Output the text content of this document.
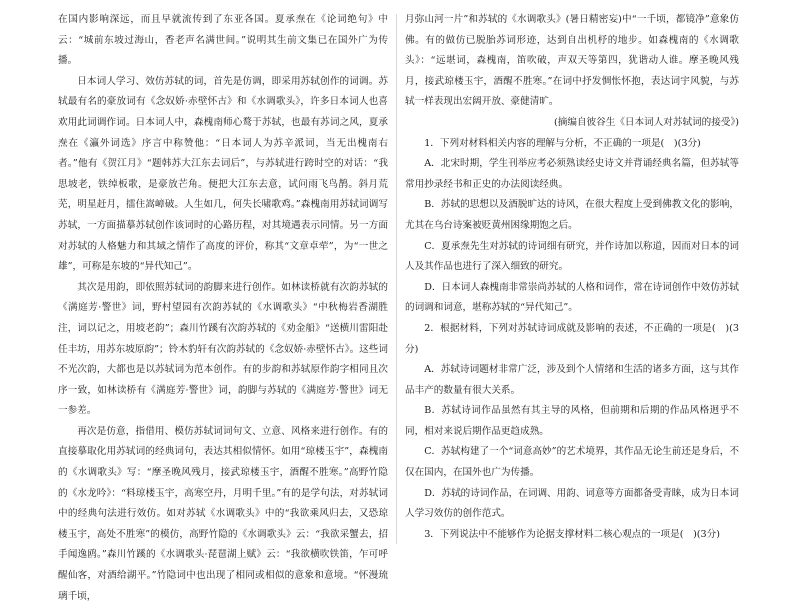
在国内影响深远，而且早就流传到了东亚各国。夏承焘在《论词绝句》中云：“城前东坡过海山，香老声名满世间。”说明其生前文集已在国外广为传播。

日本词人学习、效仿苏轼的词，首先是仿调，即采用苏轼创作的词调。苏轼最有名的豪放词有《念奴娇·赤壁怀古》和《水调歌头》，许多日本词人也喜欢用此词调作词。日本词人中，森槐南师心鹜于苏轼，也最有苏词之风，夏承焘在《瀛外词选》序言中称赞他：“日本词人为苏辛派词，当无出槐南右者。”他有《贺江月》“题韩苏大江东去词后”，与苏轼进行跨时空的对话：“我思坡老，铁绰板歌，是豪放芒角。便把大江东去意，试问雨飞鸟鹊。斜月荒芜，明星赶月，擂住嵩嶂破。人生如几，何失长啸歌鸡。”森槐南用苏轼词调写苏轼，一方面描摹苏轼创作该词时的心路历程，对其境遇表示同情。另一方面对苏轼的人格魅力和其域之情作了高度的评价，称其“文章卓荦”，为“一世之雄”，可称是东坡的“异代知己”。

其次是用韵，即依照苏轼词的韵脚来进行创作。如林读桥就有次韵苏轼的《满庭芳·警世》词，野村望园有次韵苏轼的《水调歌头》“中秋梅岩香湖胜注，词以记之，用坡老韵”；森川竹蹊有次韵苏轼的《劝金船》“送横川雷阳赴任丰坊，用苏东坡原韵”；铃木豹轩有次韵苏轼的《念奴娇·赤壁怀古》。这些词不光次韵，大都也是以苏轼词为范本创作。有的步韵和苏轼原作韵字相同且次序一致，如林读桥有《满庭芳·警世》词，韵脚与苏轼的《满庭芳·警世》词无一参差。

再次是仿意，指借用、模仿苏轼词词句文、立意、风格来进行创作。有的直接摹取化用苏轼词的经典词句，表达其相似情怀。如用“琼楼玉宇”，森槐南的《水调歌头》写：“摩圣晚风残月，接武琼楼玉宇，酒醒不胜寒。”高野竹隐的《水龙吟》：“料琼楼玉宇，高寒空丹，月明千里。”有的是学句法，对苏轼词中的经典句法进行效仿。如对苏轼《水调歌头》中的“我欲乘风归去，又恐琼楼玉宇，高处不胜寒”的模仿，高野竹隐的《水调歌头》云：“我欲采蟹去，招手闻逸鸥。”森川竹蹊的《水调歌头·琵琶湖上赋》云：“我欲横吹铁笛，乍可呼醒仙客，对酒给湖平。”竹隐词中也出现了相同或相似的意象和意境。“怀漫琉璃千顷，

月弥山河一片”和苏轼的《水调歌头》(暑日精密妄)中“一千顷，都镜净”意象仿佛。有的做仿已脱胎苏词形迹，达到自出机杼的地步。如森槐南的《水调歌头》：“远堪词，森槐南，笛吹破，声双天等第四，犹谐动人谁。摩圣晚风残月，接武琼楼玉宇，酒醒不胜寒。”在词中抒发惆怅怀抱，表达词宇风貌，与苏轼一样表现出宏阔开放、豪健清旷。

(摘编自彼谷生《日本词人对苏轼词的接受》)

1．下列对材料相关内容的理解与分析，不正确的一项是(　)(3分)

A．北宋时期，学生刊举应考必须熟读经史诗文并背诵经典名篇，但苏轼等常用抄录经书和正史的办法阅读经典。

B．苏轼的思想以及酒脱旷达的诗风，在很大程度上受到佛教文化的影响，尤其在乌台诗案被贬黄州困缘期饱之后。

C．夏承焘先生对苏轼的诗词细有研究，并作诗加以称道，因而对日本的词人及其作品也进行了深入细致的研究。

D．日本词人森槐南非常崇尚苏轼的人格和词作，常在诗词创作中效仿苏轼的词调和词意，堪称苏轼的“异代知己”。

2．根据材料，下列对苏轼诗词成就及影响的表述，不正确的一项是(　)(3分)

A．苏轼诗词题材非常广泛，涉及到个人情绪和生活的诸多方面，这与其作品丰产的数量有很大关系。

B．苏轼诗词作品虽然有其主导的风格，但前期和后期的作品风格迥乎不同，相对来说后期作品更趋成熟。

C．苏轼构建了一个“词意高妙”的艺术境界，其作品无论生前还是身后，不仅在国内，在国外也广为传播。

D．苏轼的诗词作品，在词调、用韵、词意等方面都备受青睐，成为日本词人学习效仿的创作范式。

3．下列说法中不能够作为论据支撑材料二核心观点的一项是(　)(3分)
